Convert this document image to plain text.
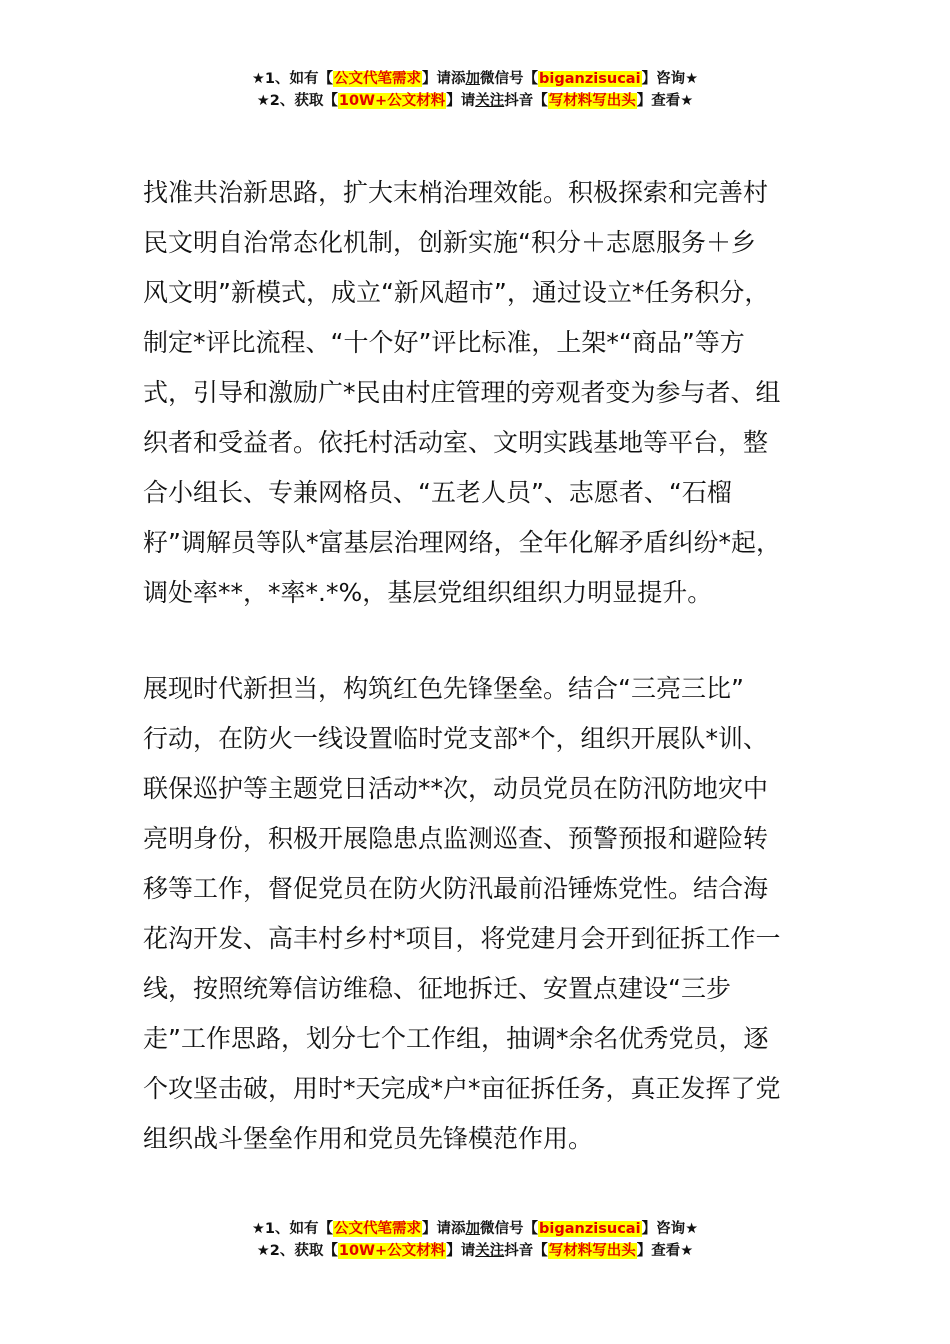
★1、如有【公文代笔需求】请添加微信号【biganzisucai】咨询★
★2、获取【10W+公文材料】请关注抖音【写材料写出头】查看★
找准共治新思路，扩大末梢治理效能。积极探索和完善村
民文明自治常态化机制，创新实施“积分＋志愿服务＋乡
风文明”新模式，成立“新风超市”，通过设立*任务积分，
制定*评比流程、“十个好”评比标准，上架*“商品”等方
式，引导和激励广*民由村庄管理的旁观者变为参与者、组
织者和受益者。依托村活动室、文明实践基地等平台，整
合小组长、专兼网格员、“五老人员”、志愿者、“石榴
籽”调解员等队*富基层治理网络，全年化解矛盾纠纷*起，
调处率**，*率*.*%，基层党组织组织力明显提升。
展现时代新担当，构筑红色先锋堡垒。结合“三亮三比”
行动，在防火一线设置临时党支部*个，组织开展队*训、
联保巡护等主题党日活动**次，动员党员在防汛防地灾中
亮明身份，积极开展隐患点监测巡查、预警预报和避险转
移等工作，督促党员在防火防汛最前沿锤炼党性。结合海
花沟开发、高丰村乡村*项目，将党建月会开到征拆工作一
线，按照统筹信访维稳、征地拆迁、安置点建设“三步
走”工作思路，划分七个工作组，抽调*余名优秀党员，逐
个攻坚击破，用时*天完成*户*亩征拆任务，真正发挥了党
组织战斗堡垒作用和党员先锋模范作用。
★1、如有【公文代笔需求】请添加微信号【biganzisucai】咨询★
★2、获取【10W+公文材料】请关注抖音【写材料写出头】查看★
